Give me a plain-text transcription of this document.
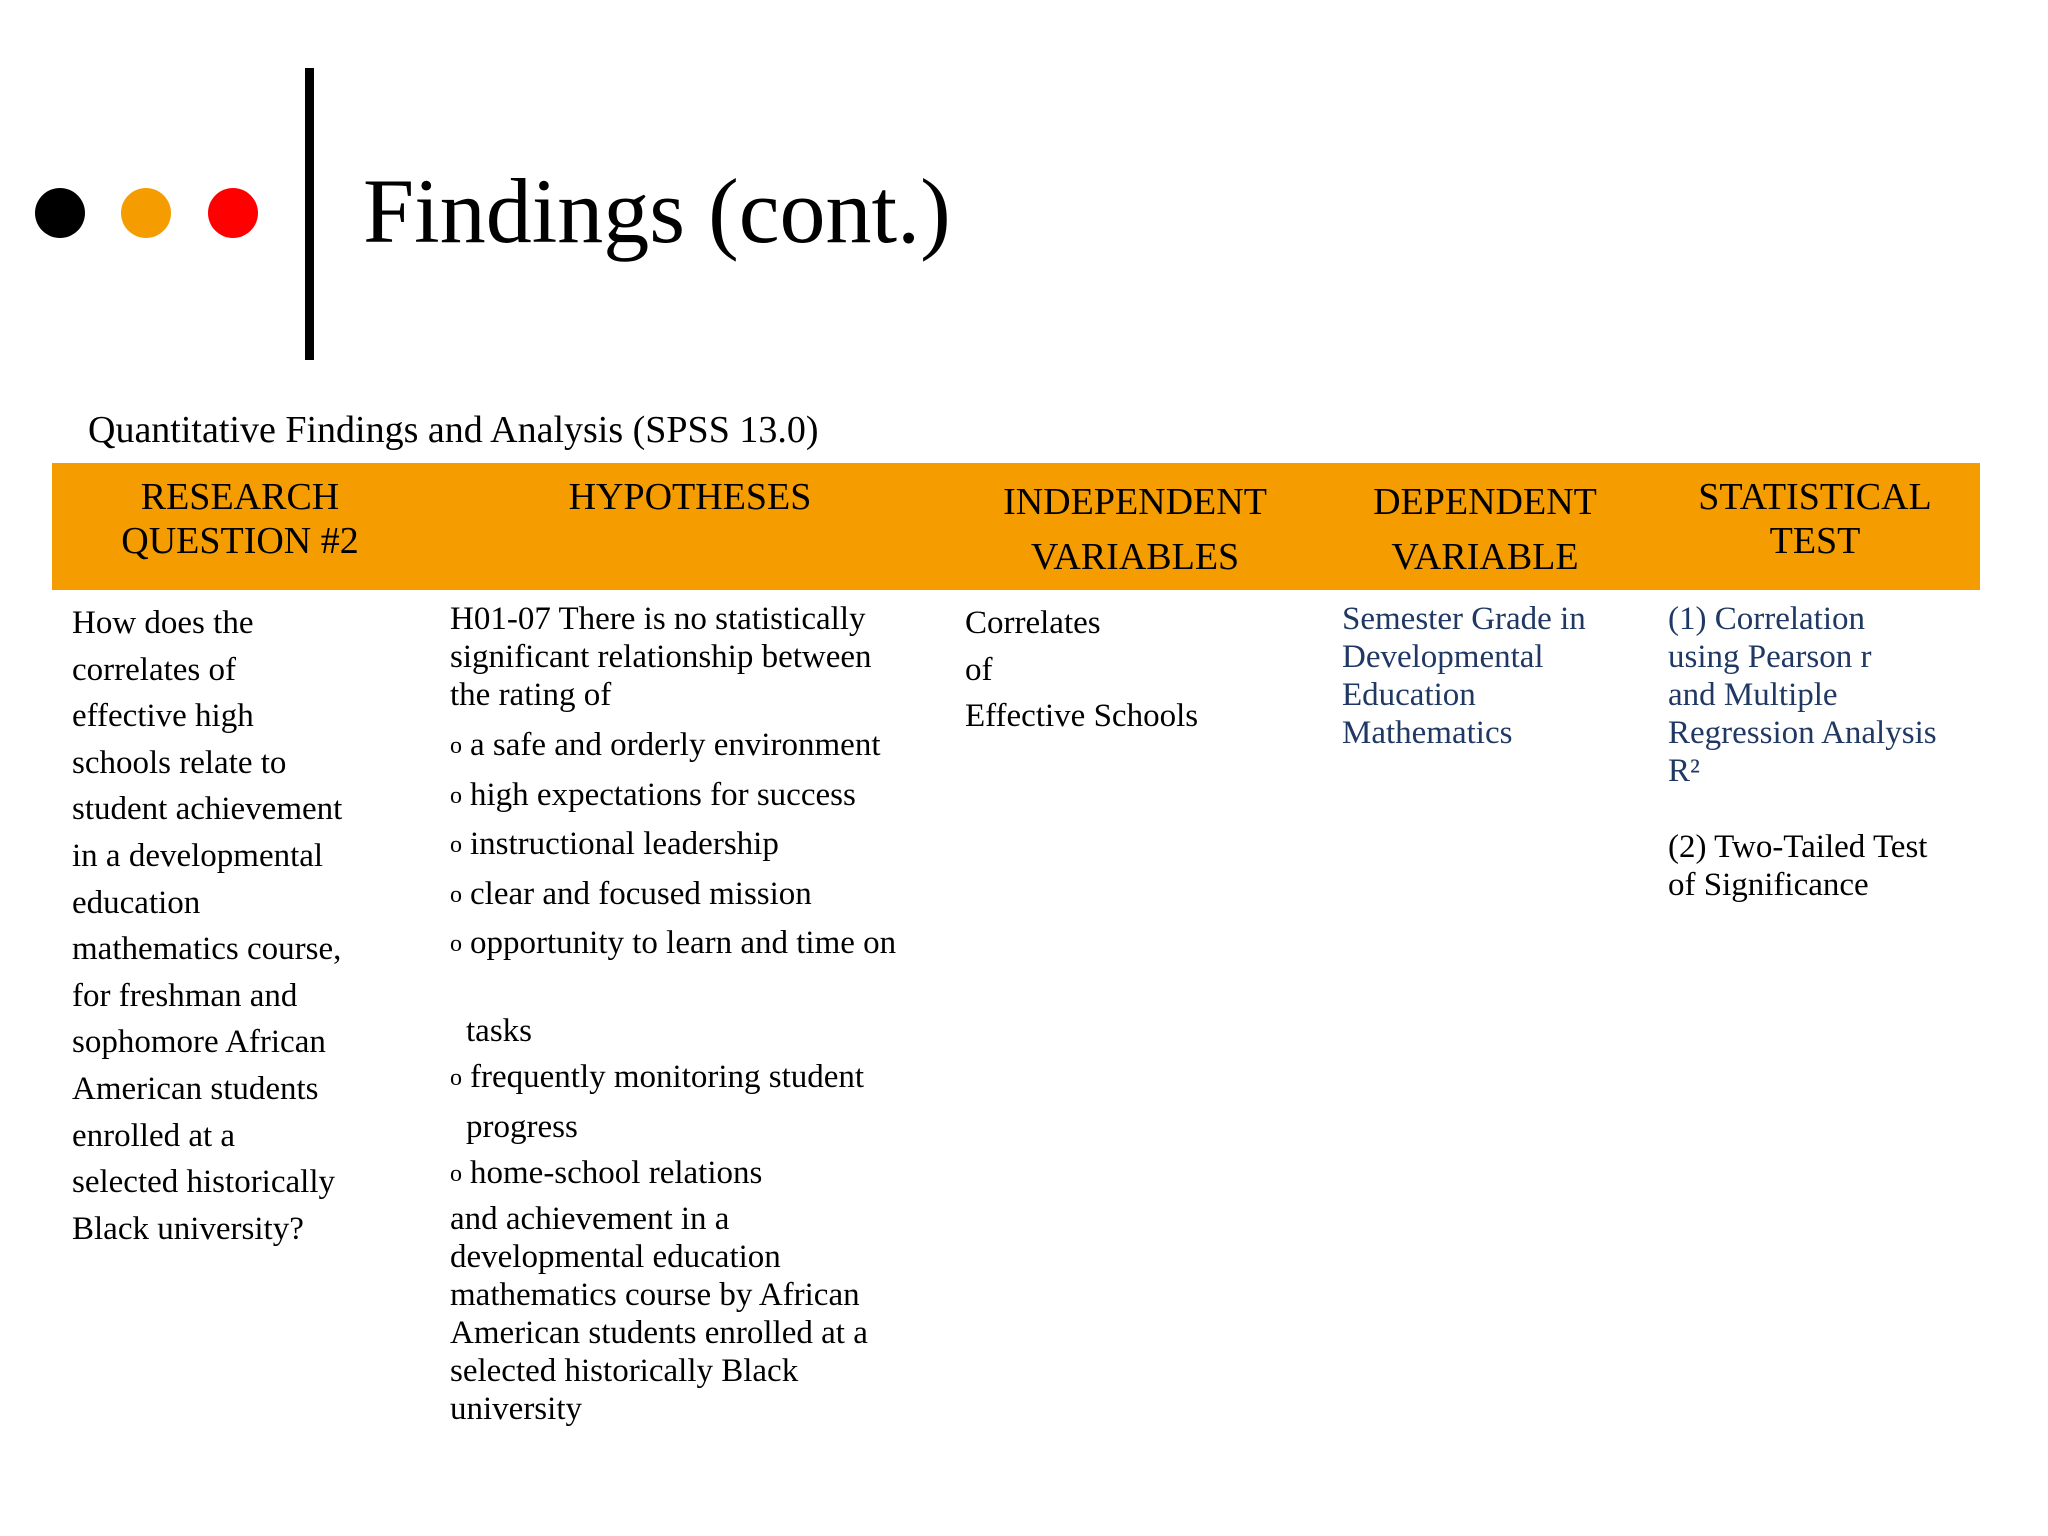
Findings (cont.)
Quantitative Findings and Analysis (SPSS 13.0)
RESEARCH
QUESTION #2
HYPOTHESES	INDEPENDENT
VARIABLES
DEPENDENT
VARIABLE
STATISTICAL
TEST
How does the
correlates of
effective high
schools relate to
student achievement
in a developmental
education
mathematics course,
for freshman and
sophomore African
American students
enrolled at a
selected historically
Black university?
H01-07 There is no statistically
significant relationship between
the rating of
o a safe and orderly environment
o high expectations for success
o instructional leadership
o clear and focused mission
o opportunity to learn and time on
tasks
o frequently monitoring student
progress
o home-school relations
and achievement in a
developmental education
mathematics course by African
American students enrolled at a
selected historically Black
university
Correlates
of
Effective Schools
Semester Grade in
Developmental
Education
Mathematics
(1) Correlation
using Pearson r
and Multiple
Regression Analysis
R²
(2) Two-Tailed Test
of Significance
